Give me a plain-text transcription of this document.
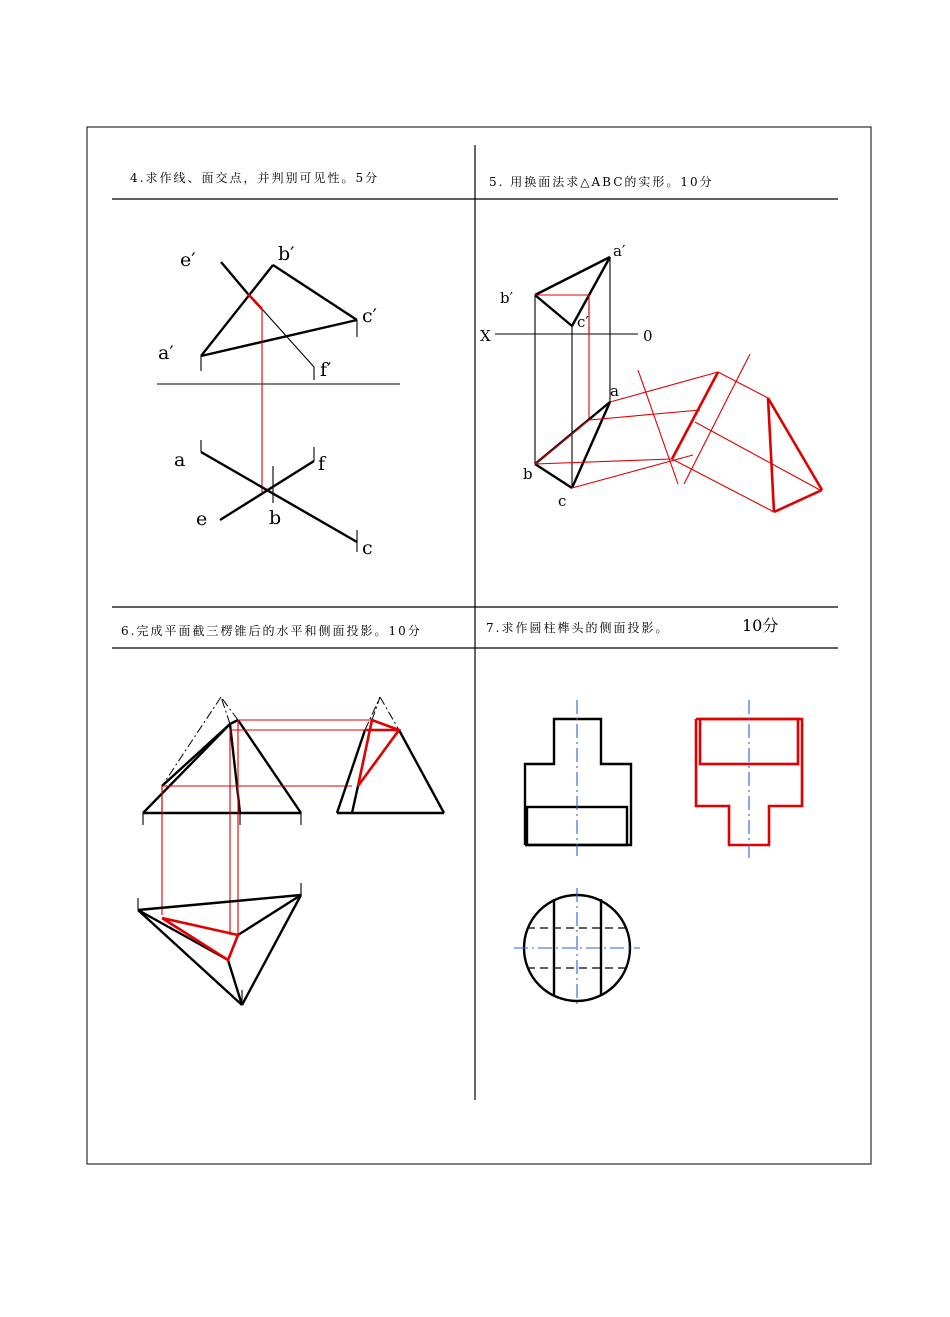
4.求作线、面交点，并判别可见性。5分	5. 用换面法求△ABC的实形。10分
6.完成平面截三楞锥后的水平和侧面投影。10分	7.求作圆柱榫头的侧面投影。	10分
e′	b′
c′
a′
f′
a	f
e	b
c
a′
b′
c′
X	0
a
b
c
